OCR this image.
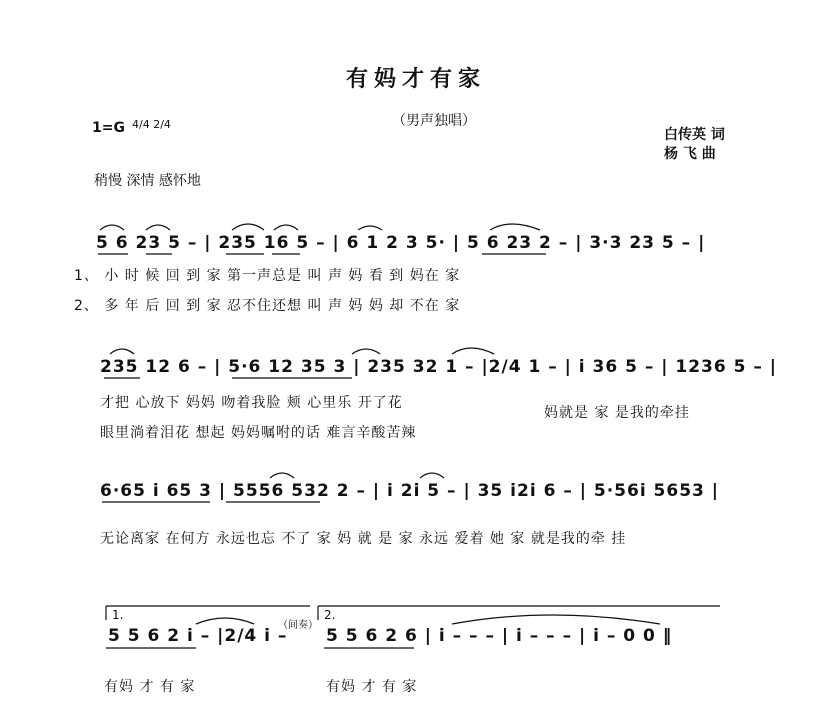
有妈才有家
（男声独唱）
1=G 4/4 2/4
白传英 词
杨 飞 曲
稍慢 深情 感怀地
5 6 23 5 – | 235 16 5 – | 6 1 2 3 5· | 5 6 23 2 – | 3·3 23 5 – |
1、 小 时 候 回 到 家 第一声总是 叫 声 妈 看 到 妈在 家
2、 多 年 后 回 到 家 忍不住还想 叫 声 妈 妈 却 不在 家
235 12 6 – | 5·6 12 35 3 | 235 32 1 – |2/4 1 – | i 36 5 – | 1236 5 – |
才把 心放下 妈妈 吻着我脸 颊 心里乐 开了花
妈就是 家 是我的牵挂
眼里淌着泪花 想起 妈妈嘱咐的话 难言辛酸苦辣
6·65 i 65 3 | 5556 532 2 – | i 2i 5 – | 35 i2i 6 – | 5·56i 5653 |
无论离家 在何方 永远也忘 不了 家 妈 就 是 家 永远 爱着 她 家 就是我的牵 挂
1.	2.
（间奏）
5 5 6 2 i – |2/4 i – 5 5 6 2 6 | i – – – | i – – – | i – 0 0 ‖
有妈 才 有 家	有妈 才 有 家
